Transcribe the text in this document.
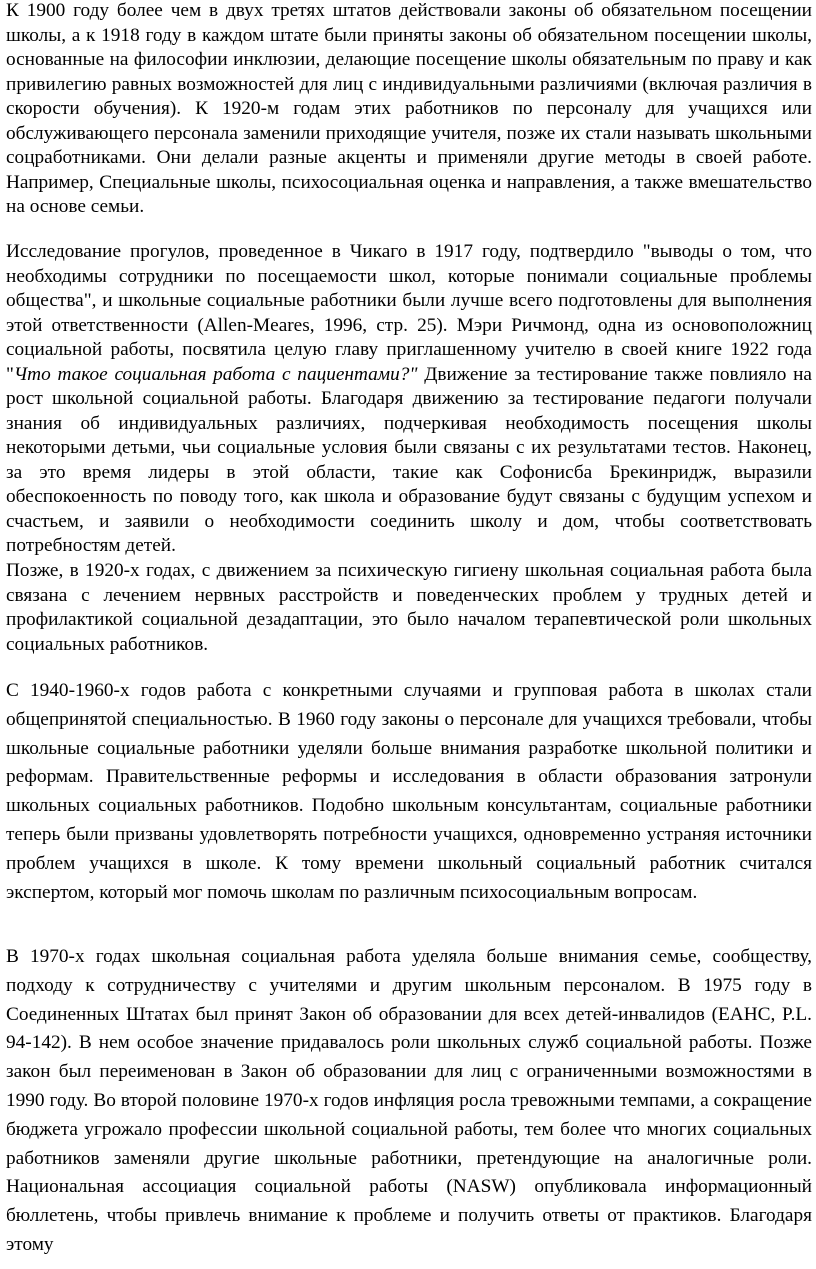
К 1900 году более чем в двух третях штатов действовали законы об обязательном посещении школы, а к 1918 году в каждом штате были приняты законы об обязательном посещении школы, основанные на философии инклюзии, делающие посещение школы обязательным по праву и как привилегию равных возможностей для лиц с индивидуальными различиями (включая различия в скорости обучения). К 1920-м годам этих работников по персоналу для учащихся или обслуживающего персонала заменили приходящие учителя, позже их стали называть школьными соцработниками. Они делали разные акценты и применяли другие методы в своей работе. Например, Специальные школы, психосоциальная оценка и направления, а также вмешательство на основе семьи.

Исследование прогулов, проведенное в Чикаго в 1917 году, подтвердило "выводы о том, что необходимы сотрудники по посещаемости школ, которые понимали социальные проблемы общества", и школьные социальные работники были лучше всего подготовлены для выполнения этой ответственности (Allen-Meares, 1996, стр. 25). Мэри Ричмонд, одна из основоположниц социальной работы, посвятила целую главу приглашенному учителю в своей книге 1922 года "Что такое социальная работа с пациентами?" Движение за тестирование также повлияло на рост школьной социальной работы. Благодаря движению за тестирование педагоги получали знания об индивидуальных различиях, подчеркивая необходимость посещения школы некоторыми детьми, чьи социальные условия были связаны с их результатами тестов. Наконец, за это время лидеры в этой области, такие как Софонисба Брекинридж, выразили обеспокоенность по поводу того, как школа и образование будут связаны с будущим успехом и счастьем, и заявили о необходимости соединить школу и дом, чтобы соответствовать потребностям детей.

Позже, в 1920-х годах, с движением за психическую гигиену школьная социальная работа была связана с лечением нервных расстройств и поведенческих проблем у трудных детей и профилактикой социальной дезадаптации, это было началом терапевтической роли школьных социальных работников.

С 1940-1960-х годов работа с конкретными случаями и групповая работа в школах стали общепринятой специальностью. В 1960 году законы о персонале для учащихся требовали, чтобы школьные социальные работники уделяли больше внимания разработке школьной политики и реформам. Правительственные реформы и исследования в области образования затронули школьных социальных работников. Подобно школьным консультантам, социальные работники теперь были призваны удовлетворять потребности учащихся, одновременно устраняя источники проблем учащихся в школе. К тому времени школьный социальный работник считался экспертом, который мог помочь школам по различным психосоциальным вопросам.

В 1970-х годах школьная социальная работа уделяла больше внимания семье, сообществу, подходу к сотрудничеству с учителями и другим школьным персоналом. В 1975 году в Соединенных Штатах был принят Закон об образовании для всех детей-инвалидов (EAHC, P.L. 94-142). В нем особое значение придавалось роли школьных служб социальной работы. Позже закон был переименован в Закон об образовании для лиц с ограниченными возможностями в 1990 году. Во второй половине 1970-х годов инфляция росла тревожными темпами, а сокращение бюджета угрожало профессии школьной социальной работы, тем более что многих социальных работников заменяли другие школьные работники, претендующие на аналогичные роли. Национальная ассоциация социальной работы (NASW) опубликовала информационный бюллетень, чтобы привлечь внимание к проблеме и получить ответы от практиков. Благодаря этому
